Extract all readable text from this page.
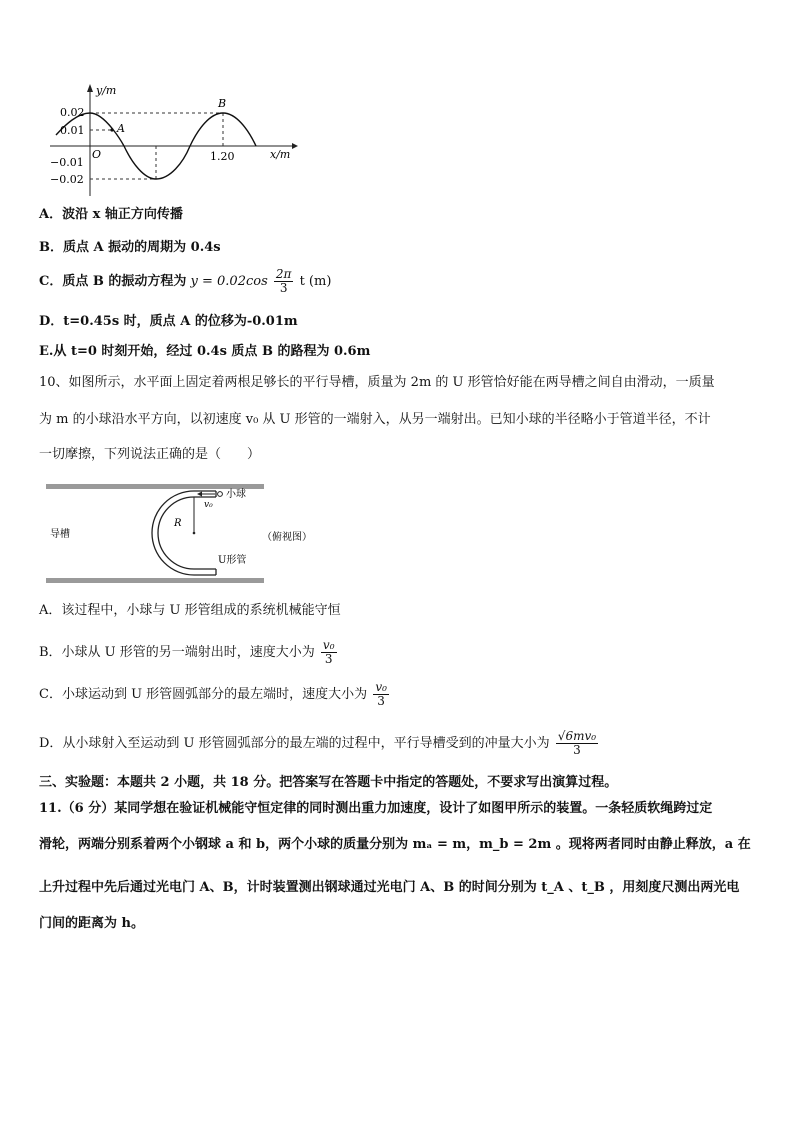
y/m
x/m
0.02
0.01
−0.01
−0.02
O
A
B
1.20
A．波沿 x 轴正方向传播
B．质点 A 振动的周期为 0.4s
C．质点 B 的振动方程为 $y = 0.02\cos \frac{2\pi}{3}$ t (m)
D．t=0.45s 时，质点 A 的位移为-0.01m
E.从 t=0 时刻开始，经过 0.4s 质点 B 的路程为 0.6m
10、如图所示，水平面上固定着两根足够长的平行导槽，质量为 2m 的 U 形管恰好能在两导槽之间自由滑动，一质量
为 m 的小球沿水平方向，以初速度 v₀ 从 U 形管的一端射入，从另一端射出。已知小球的半径略小于管道半径，不计
一切摩擦，下列说法正确的是（　　）
导槽
小球
v₀
R
U形管
（俯视图）
A．该过程中，小球与 U 形管组成的系统机械能守恒
B．小球从 U 形管的另一端射出时，速度大小为 $\frac{\text{v₀}}{3}$
C．小球运动到 U 形管圆弧部分的最左端时，速度大小为 $\frac{\text{v₀}}{3}$
D．从小球射入至运动到 U 形管圆弧部分的最左端的过程中，平行导槽受到的冲量大小为 $\frac{\text{√6mv₀}}{3}$
三、实验题：本题共 2 小题，共 18 分。把答案写在答题卡中指定的答题处，不要求写出演算过程。
11.（6 分）某同学想在验证机械能守恒定律的同时测出重力加速度，设计了如图甲所示的装置。一条轻质软绳跨过定
滑轮，两端分别系着两个小钢球 a 和 b，两个小球的质量分别为 mₐ = m，m_b = 2m 。现将两者同时由静止释放，a 在
上升过程中先后通过光电门 A、B，计时装置测出钢球通过光电门 A、B 的时间分别为 t_A 、t_B ，用刻度尺测出两光电
门间的距离为 h。
